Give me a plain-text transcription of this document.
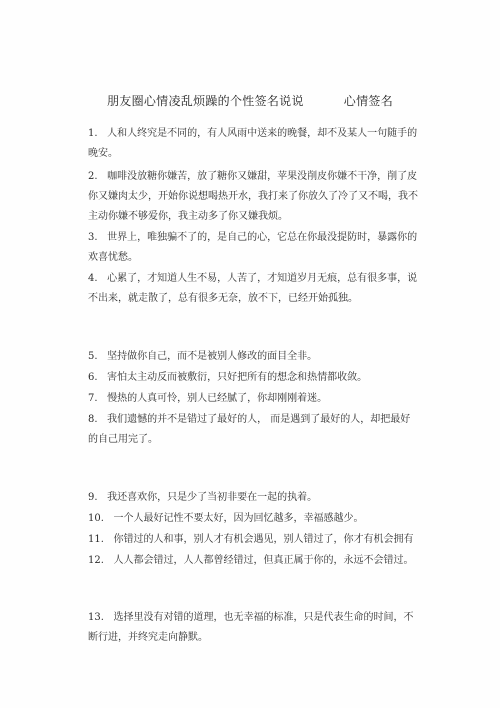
朋友圈心情凌乱烦躁的个性签名说说	心情签名

1. 人和人终究是不同的，有人风雨中送来的晚餐，却不及某人一句随手的晚安。

2. 咖啡没放糖你嫌苦，放了糖你又嫌甜，苹果没削皮你嫌不干净，削了皮你又嫌肉太少，开始你说想喝热开水，我打来了你放久了冷了又不喝，我不主动你嫌不够爱你，我主动多了你又嫌我烦。

3. 世界上，唯独骗不了的，是自己的心，它总在你最没提防时，暴露你的欢喜忧愁。

4. 心累了，才知道人生不易，人苦了，才知道岁月无痕，总有很多事，说不出来，就走散了，总有很多无奈，放不下，已经开始孤独。

5. 坚持做你自己，而不是被别人修改的面目全非。

6. 害怕太主动反而被敷衍，只好把所有的想念和热情都收敛。

7. 慢热的人真可怜，别人已经腻了，你却刚刚着迷。

8. 我们遗憾的并不是错过了最好的人， 而是遇到了最好的人，却把最好的自己用完了。

9. 我还喜欢你，只是少了当初非要在一起的执着。

10. 一个人最好记性不要太好，因为回忆越多，幸福感越少。

11. 你错过的人和事，别人才有机会遇见，别人错过了，你才有机会拥有

12. 人人都会错过，人人都曾经错过，但真正属于你的，永远不会错过。

13. 选择里没有对错的道理，也无幸福的标准，只是代表生命的时间，不断行进，并终究走向静默。
